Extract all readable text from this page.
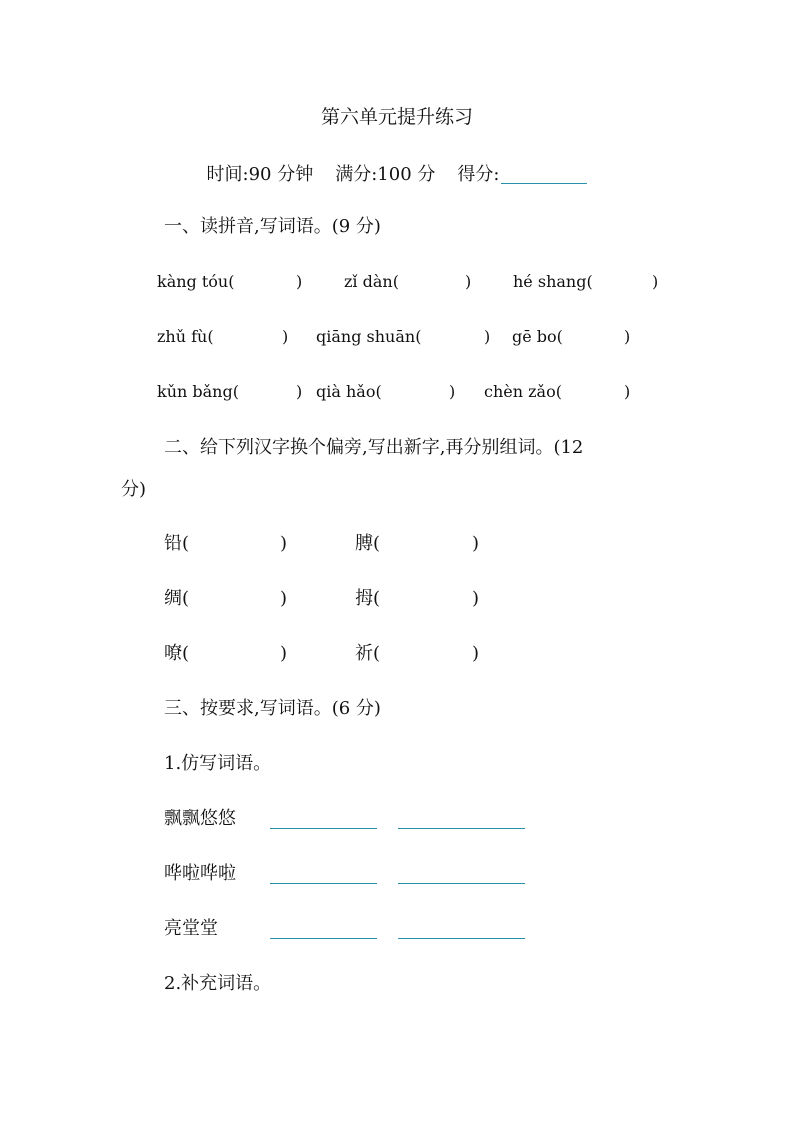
第六单元提升练习
时间:90 分钟 满分:100 分 得分:
一、读拼音,写词语。(9 分)
kàng tóu(	)	zǐ dàn(	)	hé shang(	)
zhǔ fù(	) qiāng shuān(	) gē bo(	)
kǔn bǎng(	) qià hǎo(	) chèn zǎo(	)
二、给下列汉字换个偏旁,写出新字,再分别组词。(12
分)
铅(	)	膊(	)
绸(	)	拇(	)
嘹(	)	祈(	)
三、按要求,写词语。(6 分)
1.仿写词语。
飘飘悠悠
哗啦哗啦
亮堂堂
2.补充词语。
